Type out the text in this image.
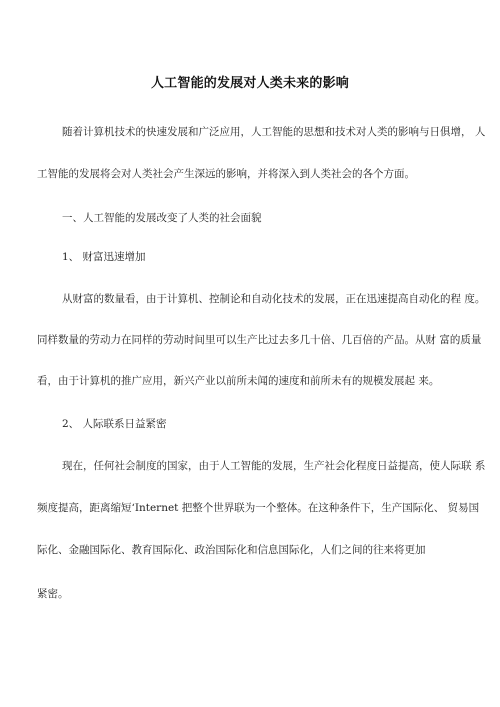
人工智能的发展对人类未来的影响
随着计算机技术的快速发展和广泛应用，人工智能的思想和技术对人类的影响与日俱增， 人
工智能的发展将会对人类社会产生深远的影响，并将深入到人类社会的各个方面。
一、人工智能的发展改变了人类的社会面貌
1、 财富迅速增加
从财富的数量看，由于计算机、控制论和自动化技术的发展，正在迅速提高自动化的程 度。
同样数量的劳动力在同样的劳动时间里可以生产比过去多几十倍、几百倍的产品。从财 富的质量
看，由于计算机的推广应用，新兴产业以前所未闻的速度和前所未有的规模发展起 来。
2、 人际联系日益紧密
现在，任何社会制度的国家，由于人工智能的发展，生产社会化程度日益提高，使人际联 系
频度提高，距离缩短‘Internet 把整个世界联为一个整体。在这种条件下，生产国际化、 贸易国
际化、金融国际化、教育国际化、政治国际化和信息国际化，人们之间的往来将更加
紧密。
